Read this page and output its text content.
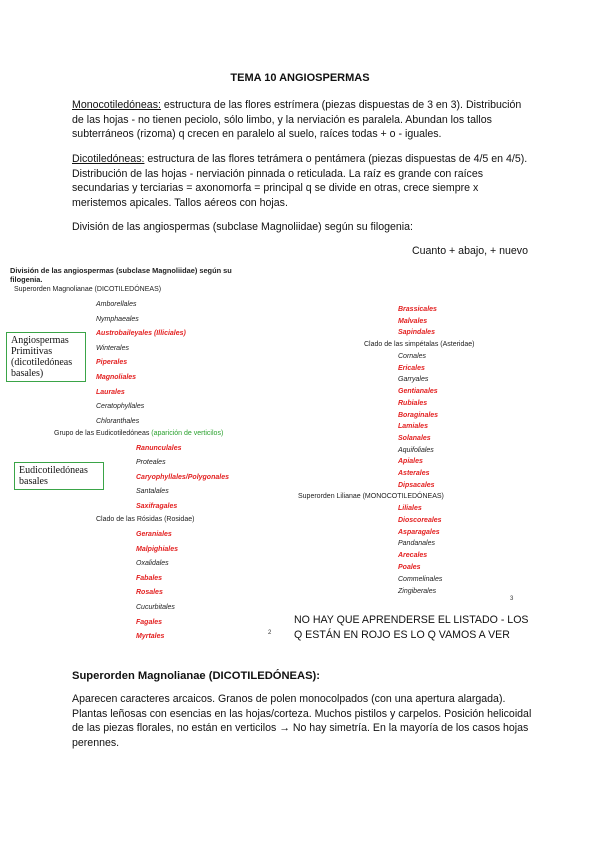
TEMA 10 ANGIOSPERMAS

Monocotiledóneas: estructura de las flores estrímera (piezas dispuestas de 3 en 3). Distribución de las hojas - no tienen peciolo, sólo limbo, y la nerviación es paralela. Abundan los tallos subterráneos (rizoma) q crecen en paralelo al suelo, raíces todas + o - iguales.

Dicotiledóneas: estructura de las flores tetrámera o pentámera (piezas dispuestas de 4/5 en 4/5). Distribución de las hojas - nerviación pinnada o reticulada. La raíz es grande con raíces secundarias y terciarias = axonomorfa = principal q se divide en otras, crece siempre x meristemos apicales. Tallos aéreos con hojas.

División de las angiospermas (subclase Magnoliidae) según su filogenia:

Cuanto + abajo, + nuevo
División de las angiospermas (subclase Magnoliidae) según su
filogenia.
Superorden Magnolianae (DICOTILEDÓNEAS)
Angiospermas Primitivas (dicotiledóneas basales)
Eudicotiledóneas basales
Amborellales
Nymphaeales
Austrobaileyales (Illiciales)
Winterales
Piperales
Magnoliales
Laurales
Ceratophyllales
Chloranthales
Grupo de las Eudicotiledóneas (aparición de verticilos)
Ranunculales
Proteales
Caryophyllales/Polygonales
Santalales
Saxifragales
Clado de las Rósidas (Rosidae)
Geraniales
Malpighiales
Oxalidales
Fabales
Rosales
Cucurbitales
Fagales
Myrtales
Brassicales
Malvales
Sapindales
Clado de las simpétalas (Asteridae)
Cornales
Ericales
Garryales
Gentianales
Rubiales
Boraginales
Lamiales
Solanales
Aquifoliales
Apiales
Asterales
Dipsacales
Superorden Lilianae (MONOCOTILEDÓNEAS)
Liliales
Dioscoreales
Asparagales
Pandanales
Arecales
Poales
Commelinales
Zingiberales
2
3
NO HAY QUE APRENDERSE EL LISTADO - LOS Q ESTÁN EN ROJO ES LO Q VAMOS A VER
Superorden Magnolianae (DICOTILEDÓNEAS):

Aparecen caracteres arcaicos. Granos de polen monocolpados (con una apertura alargada). Plantas leñosas con esencias en las hojas/corteza. Muchos pistilos y carpelos. Posición helicoidal de las piezas florales, no están en verticilos → No hay simetría. En la mayoría de los casos hojas perennes.
